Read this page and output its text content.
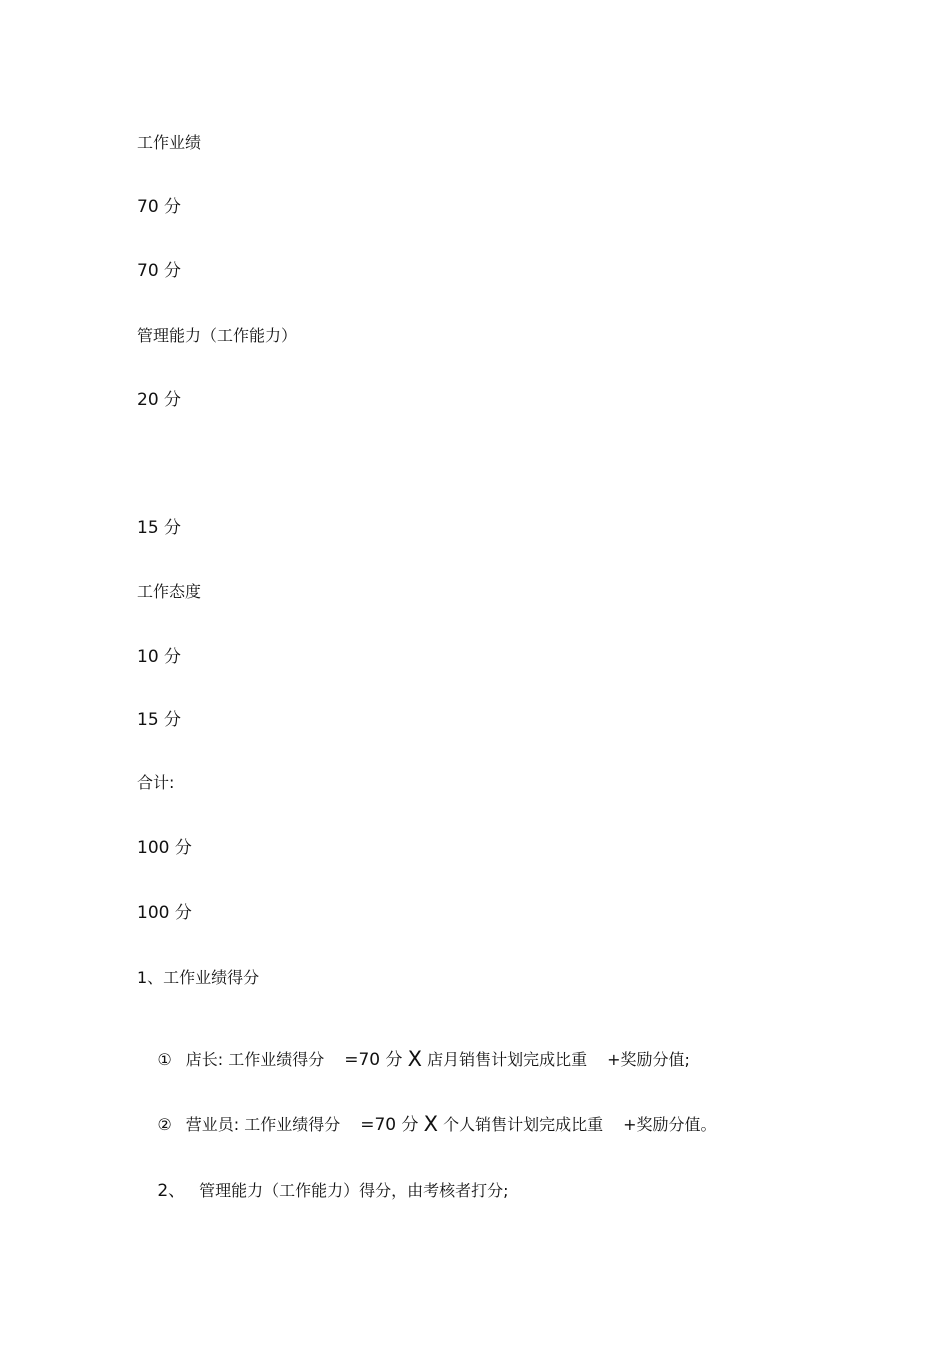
工作业绩
70 分
70 分
管理能力（工作能力）
20 分
15 分
工作态度
10 分
15 分
合计:
100 分
100 分
1、工作业绩得分

① 店长: 工作业绩得分 =70 分 X 店月销售计划完成比重 +奖励分值;

② 营业员: 工作业绩得分 =70 分 X 个人销售计划完成比重 +奖励分值。

2、 管理能力（工作能力）得分，由考核者打分;
